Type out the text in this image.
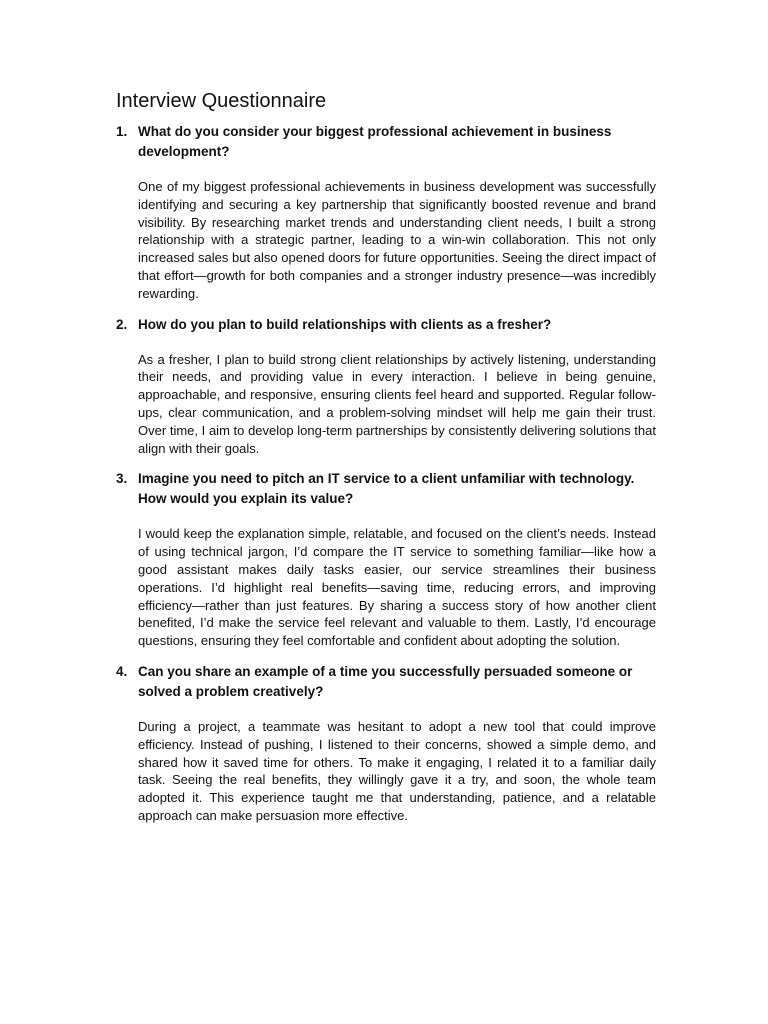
Interview Questionnaire
1. What do you consider your biggest professional achievement in business development?

One of my biggest professional achievements in business development was successfully identifying and securing a key partnership that significantly boosted revenue and brand visibility. By researching market trends and understanding client needs, I built a strong relationship with a strategic partner, leading to a win-win collaboration. This not only increased sales but also opened doors for future opportunities. Seeing the direct impact of that effort—growth for both companies and a stronger industry presence—was incredibly rewarding.

2. How do you plan to build relationships with clients as a fresher?

As a fresher, I plan to build strong client relationships by actively listening, understanding their needs, and providing value in every interaction. I believe in being genuine, approachable, and responsive, ensuring clients feel heard and supported. Regular follow-ups, clear communication, and a problem-solving mindset will help me gain their trust. Over time, I aim to develop long-term partnerships by consistently delivering solutions that align with their goals.

3. Imagine you need to pitch an IT service to a client unfamiliar with technology. How would you explain its value?

I would keep the explanation simple, relatable, and focused on the client’s needs. Instead of using technical jargon, I’d compare the IT service to something familiar—like how a good assistant makes daily tasks easier, our service streamlines their business operations. I’d highlight real benefits—saving time, reducing errors, and improving efficiency—rather than just features. By sharing a success story of how another client benefited, I’d make the service feel relevant and valuable to them. Lastly, I’d encourage questions, ensuring they feel comfortable and confident about adopting the solution.

4. Can you share an example of a time you successfully persuaded someone or solved a problem creatively?

During a project, a teammate was hesitant to adopt a new tool that could improve efficiency. Instead of pushing, I listened to their concerns, showed a simple demo, and shared how it saved time for others. To make it engaging, I related it to a familiar daily task. Seeing the real benefits, they willingly gave it a try, and soon, the whole team adopted it. This experience taught me that understanding, patience, and a relatable approach can make persuasion more effective.
